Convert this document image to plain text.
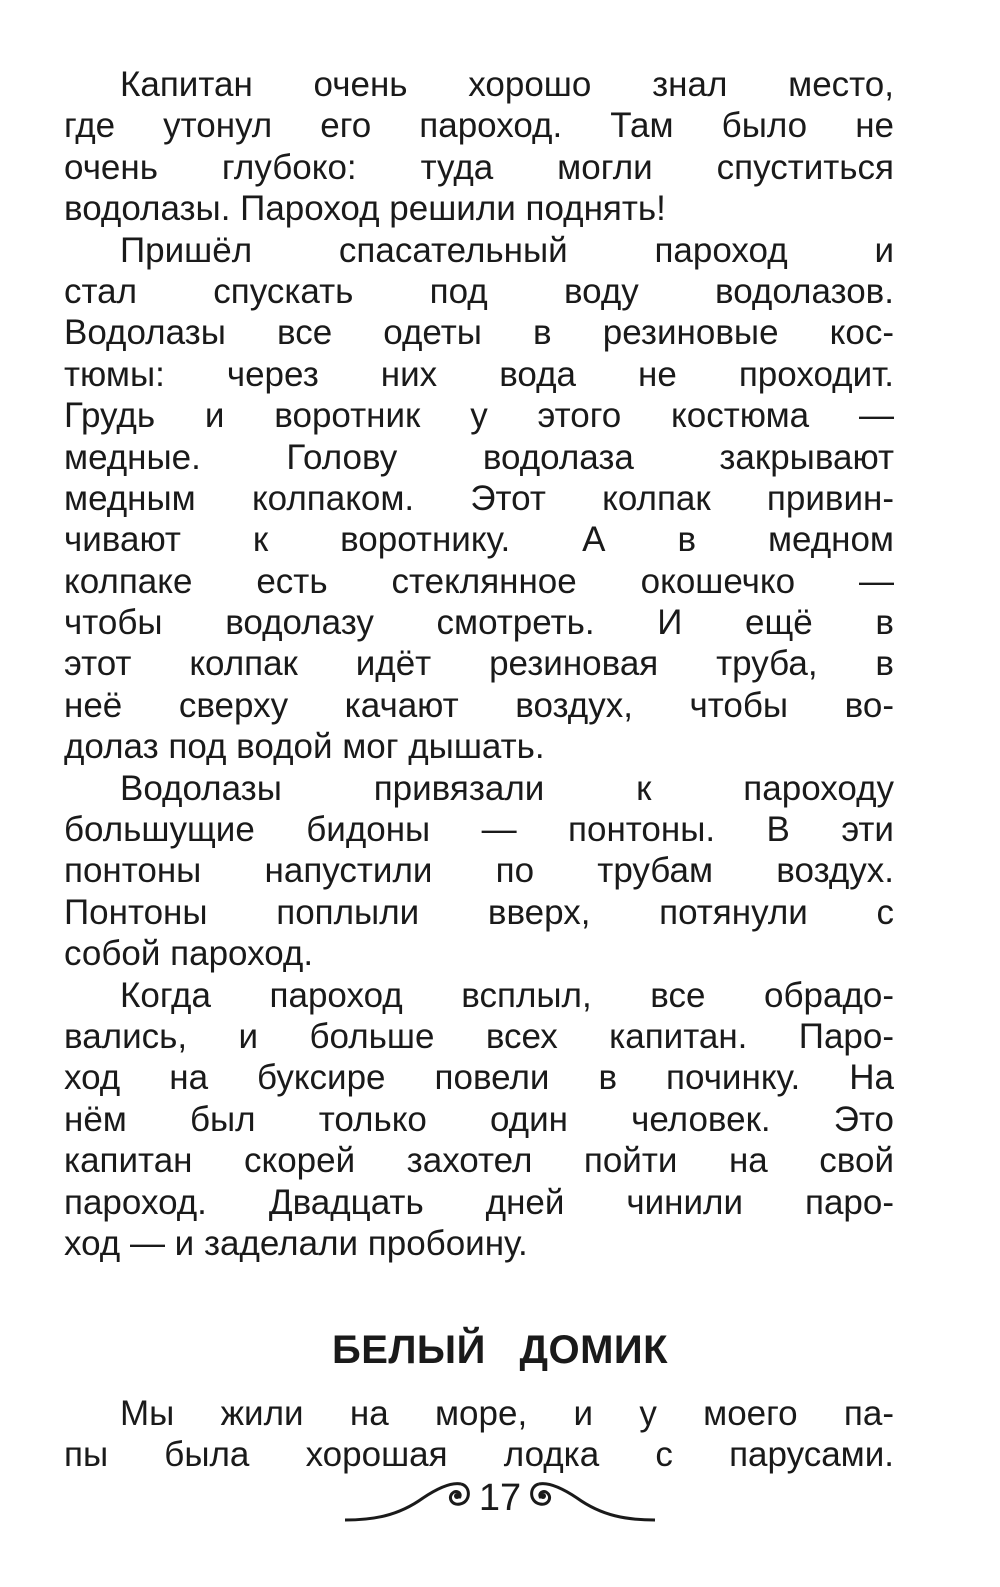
Капитан очень хорошо знал место,
где утонул его пароход. Там было не
очень глубоко: туда могли спуститься
водолазы. Пароход решили поднять!
Пришёл спасательный пароход и
стал спускать под воду водолазов.
Водолазы все одеты в резиновые кос-
тюмы: через них вода не проходит.
Грудь и воротник у этого костюма —
медные. Голову водолаза закрывают
медным колпаком. Этот колпак привин-
чивают к воротнику. А в медном
колпаке есть стеклянное окошечко —
чтобы водолазу смотреть. И ещё в
этот колпак идёт резиновая труба, в
неё сверху качают воздух, чтобы во-
долаз под водой мог дышать.
Водолазы привязали к пароходу
большущие бидоны — понтоны. В эти
понтоны напустили по трубам воздух.
Понтоны поплыли вверх, потянули с
собой пароход.
Когда пароход всплыл, все обрадо-
вались, и больше всех капитан. Паро-
ход на буксире повели в починку. На
нём был только один человек. Это
капитан скорей захотел пойти на свой
пароход. Двадцать дней чинили паро-
ход — и заделали пробоину.
БЕЛЫЙ ДОМИК
Мы жили на море, и у моего па-
пы была хорошая лодка с парусами.
17
